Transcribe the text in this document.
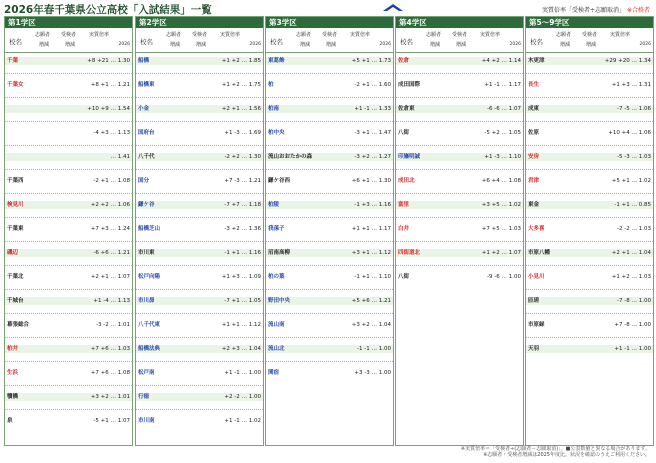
2026年春千葉県公立高校「入試結果」一覧	実質倍率「受検者÷志願取消」 ※合格者
第1学区
校名
志願者 受検者	実質倍率
2026
増減	増減
千葉	+8 +21 … 1.30
千葉女	+8 +1 … 1.21
+10 +9 … 1.54
-4 +3 … 1.13
… 1.41
千葉西	-2 +1 … 1.08
検見川	+2 +2 … 1.06
千葉東	+7 +3 … 1.24
磯辺	-6 +6 … 1.21
千葉北	+2 +1 … 1.07
千城台	+1 -4 … 1.13
幕張総合	-3 -2 … 1.01
柏井	+7 +6 … 1.03
生浜	+7 +6 … 1.08
犢橋	+3 +2 … 1.01
泉	-5 +1 … 1.07
第2学区
校名
志願者 受検者	実質倍率
2026
増減	増減
船橋	+1 +2 … 1.85
船橋東	+1 +2 … 1.75
小金	+2 +1 … 1.56
国府台	+1 -3 … 1.69
八千代	-2 +2 … 1.30
国分	+7 -3 … 1.21
鎌ケ谷	-7 +7 … 1.18
船橋芝山	-3 +2 … 1.36
市川東	-1 +1 … 1.16
松戸向陽	+1 +3 … 1.09
市川昴	-7 +1 … 1.05
八千代東	+1 +1 … 1.12
船橋法典	+2 +3 … 1.04
松戸南	+1 -1 … 1.00
行徳	+2 -2 … 1.00
市川南	+1 -1 … 1.02
第3学区
校名
志願者 受検者	実質倍率
2026
増減	増減
東葛飾	+5 +1 … 1.73
柏	-2 +1 … 1.60
柏南	+1 -1 … 1.33
柏中央	-3 +1 … 1.47
流山おおたかの森	-3 +2 … 1.27
鎌ケ谷西	+6 +1 … 1.30
柏陵	-1 +3 … 1.16
我孫子	+1 +1 … 1.17
沼南高柳	+3 +1 … 1.12
柏の葉	-1 +1 … 1.10
野田中央	+5 +6 … 1.21
流山南	+3 +2 … 1.04
流山北	-1 -1 … 1.00
関宿	+3 -3 … 1.00
第4学区
校名
志願者 受検者	実質倍率
2026
増減	増減
佐倉	+4 +2 … 1.14
成田国際	+1 -1 … 1.17
佐倉東	-6 -6 … 1.07
八街	-5 +2 … 1.05
印旛明誠	+1 -3 … 1.10
成田北	+6 +4 … 1.08
富里	+3 +5 … 1.02
白井	+7 +5 … 1.03
四街道北	+1 +2 … 1.07
八街	-9 -6 … 1.00
第5～9学区
校名
志願者 受検者	実質倍率
2026
増減	増減
木更津	+29 +20 … 1.34
長生	+1 +3 … 1.31
成東	-7 -5 … 1.06
佐原	+10 +4 … 1.06
安房	-5 -3 … 1.03
君津	+5 +1 … 1.02
東金	-1 +1 … 0.85
大多喜	-2 -2 … 1.03
市原八幡	+2 +1 … 1.04
小見川	+1 +2 … 1.03
匝瑳	-7 -8 … 1.00
市原緑	+7 -8 … 1.00
天羽	+1 -1 … 1.00
※実質倍率＝「受検者÷(志願者－志願取消)」。■公表数値と異なる場合があります。
※志願者・受検者増減は2025年度比。状況を確認のうえご利用ください。
